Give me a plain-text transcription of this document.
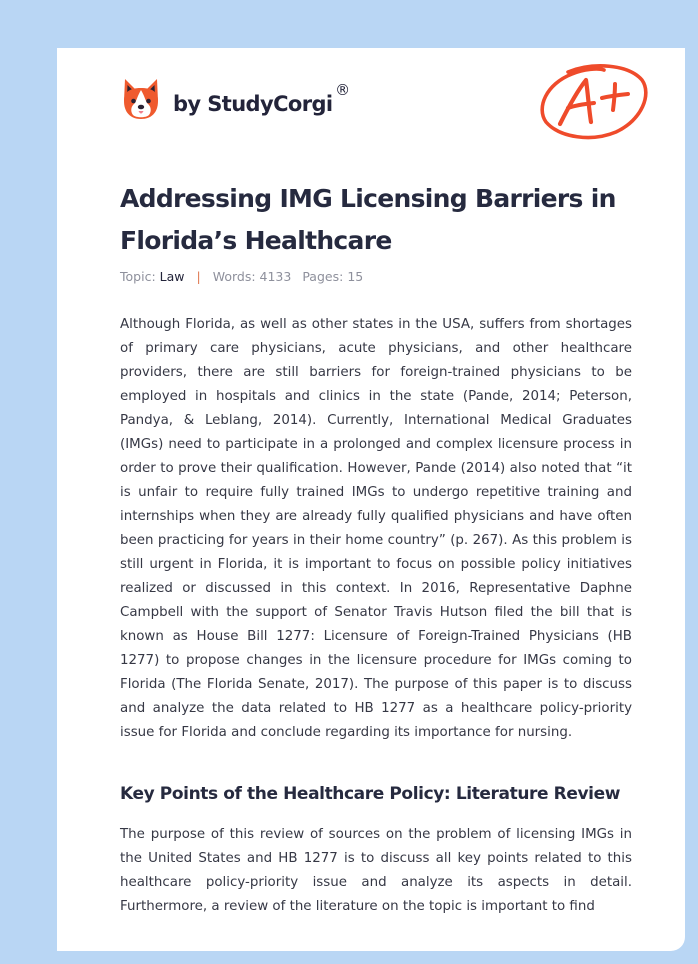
by StudyCorgi
®
Addressing IMG Licensing Barriers in Florida’s Healthcare
Topic: Law | Words: 4133 Pages: 15

Although Florida, as well as other states in the USA, suffers from shortages of primary care physicians, acute physicians, and other healthcare providers, there are still barriers for foreign-trained physicians to be employed in hospitals and clinics in the state (Pande, 2014; Peterson, Pandya, & Leblang, 2014). Currently, International Medical Graduates (IMGs) need to participate in a prolonged and complex licensure process in order to prove their qualification. However, Pande (2014) also noted that “it is unfair to require fully trained IMGs to undergo repetitive training and internships when they are already fully qualified physicians and have often been practicing for years in their home country” (p. 267). As this problem is still urgent in Florida, it is important to focus on possible policy initiatives realized or discussed in this context. In 2016, Representative Daphne Campbell with the support of Senator Travis Hutson filed the bill that is known as House Bill 1277: Licensure of Foreign-Trained Physicians (HB 1277) to propose changes in the licensure procedure for IMGs coming to Florida (The Florida Senate, 2017). The purpose of this paper is to discuss and analyze the data related to HB 1277 as a healthcare policy-priority issue for Florida and conclude regarding its importance for nursing.

Key Points of the Healthcare Policy: Literature Review

The purpose of this review of sources on the problem of licensing IMGs in the United States and HB 1277 is to discuss all key points related to this healthcare policy-priority issue and analyze its aspects in detail. Furthermore, a review of the literature on the topic is important to find
